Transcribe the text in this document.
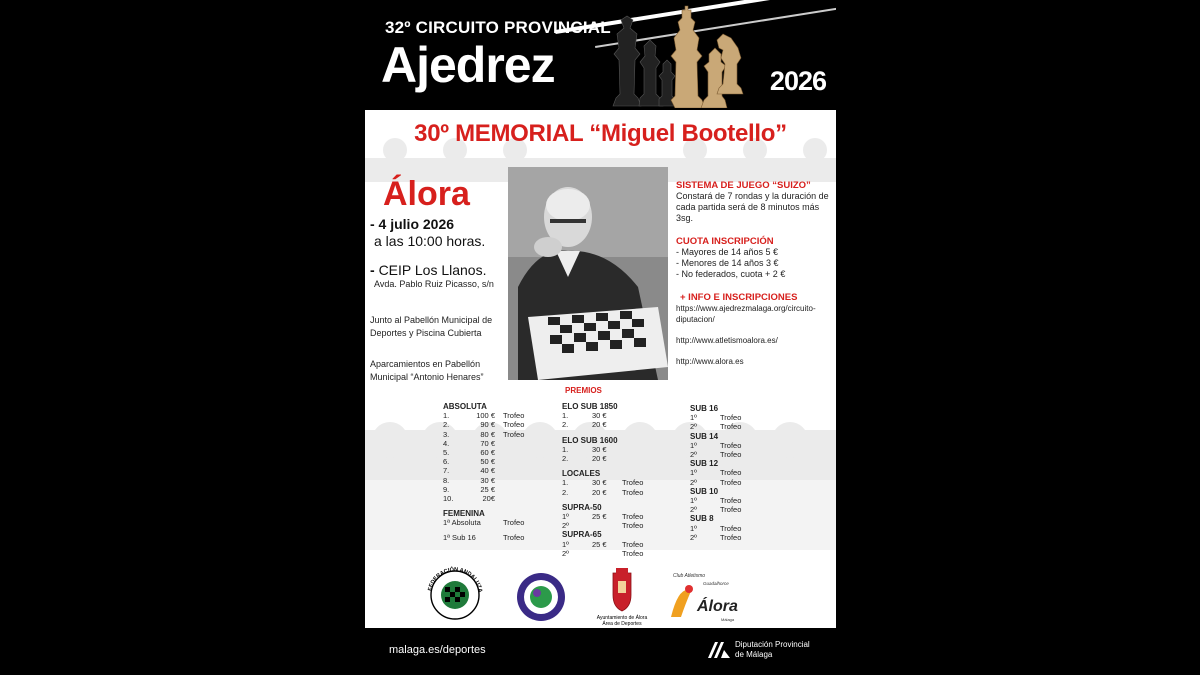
32º CIRCUITO PROVINCIAL
Ajedrez	2026
30º MEMORIAL “Miguel Bootello”
Álora
- 4 julio 2026
a las 10:00 horas.
- CEIP Los Llanos.
Avda. Pablo Ruiz Picasso, s/n
Junto al Pabellón Municipal de Deportes y Piscina Cubierta
Aparcamientos en Pabellón Municipal “Antonio Henares”
SISTEMA DE JUEGO “SUIZO”
Constará de 7 rondas y la duración de cada partida será de 8 minutos más 3sg.
CUOTA INSCRIPCIÓN
- Mayores de 14 años 5 €
- Menores de 14 años 3 €
- No federados, cuota + 2 €
+ INFO E INSCRIPCIONES
https://www.ajedrezmalaga.org/circuito-diputacion/
http://www.atletismoalora.es/
http://www.alora.es
PREMIOS
ABSOLUTA
1.	100 € Trofeo
2.	90 € Trofeo
3.	80 € Trofeo
4.	70 €
5.	60 €
6.	50 €
7.	40 €
8.	30 €
9.	25 €
10.	20€
FEMENINA
1ª Absoluta	Trofeo
1ª Sub 16	Trofeo
ELO SUB 1850
1.	30 €
2.	20 €
ELO SUB 1600
1.	30 €
2.	20 €
LOCALES
1.	30 € Trofeo
2.	20 € Trofeo
SUPRA-50
1º	25 € Trofeo
2º	Trofeo
SUPRA-65
1º	25 € Trofeo
2º	Trofeo
SUB 16
1º	Trofeo
2º	Trofeo
SUB 14
1º	Trofeo
2º	Trofeo
SUB 12
1º	Trofeo
2º	Trofeo
SUB 10
1º	Trofeo
2º	Trofeo
SUB 8
1º	Trofeo
2º	Trofeo
FEDERACIÓN ANDALUZA
Ayuntamiento de Álora
Área de Deportes
Club Atletismo
Guadalhorce
Álora
Málaga
malaga.es/deportes	Diputación Provincial
de Málaga
